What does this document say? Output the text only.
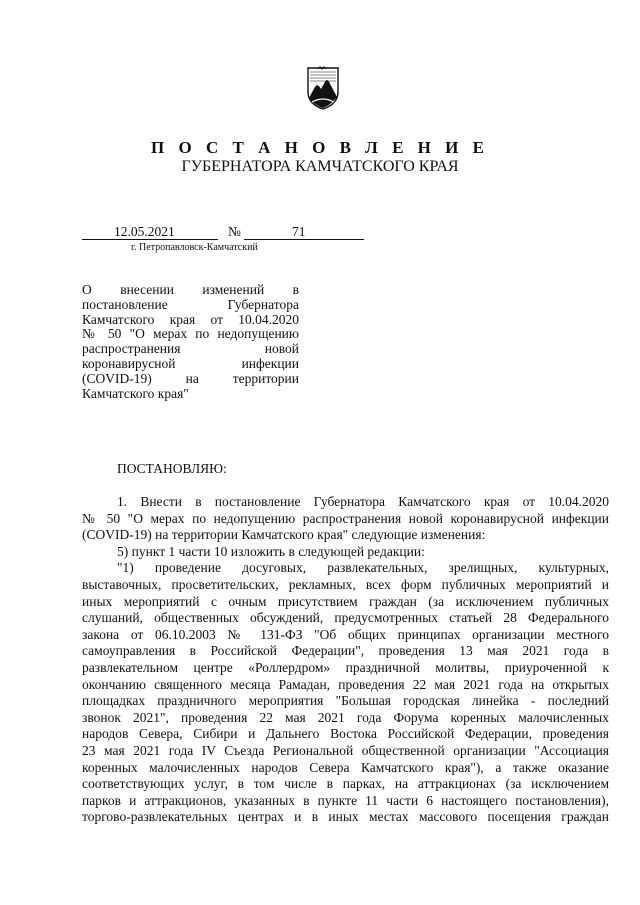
П О С Т А Н О В Л Е Н И Е
ГУБЕРНАТОРА КАМЧАТСКОГО КРАЯ
12.05.2021	№	71
г. Петропавловск-Камчатский
О внесении изменений в
постановление Губернатора
Камчатского края от 10.04.2020
№ 50 "О мерах по недопущению
распространения новой
коронавирусной инфекции
(COVID-19) на территории
Камчатского края"
ПОСТАНОВЛЯЮ:
1. Внести в постановление Губернатора Камчатского края от 10.04.2020
№ 50 "О мерах по недопущению распространения новой коронавирусной инфекции
(COVID-19) на территории Камчатского края" следующие изменения:
5) пункт 1 части 10 изложить в следующей редакции:
"1) проведение досуговых, развлекательных, зрелищных, культурных,
выставочных, просветительских, рекламных, всех форм публичных мероприятий и
иных мероприятий с очным присутствием граждан (за исключением публичных
слушаний, общественных обсуждений, предусмотренных статьей 28 Федерального
закона от 06.10.2003 № 131-ФЗ "Об общих принципах организации местного
самоуправления в Российской Федерации", проведения 13 мая 2021 года в
развлекательном центре «Роллердром» праздничной молитвы, приуроченной к
окончанию священного месяца Рамадан, проведения 22 мая 2021 года на открытых
площадках праздничного мероприятия "Большая городская линейка - последний
звонок 2021", проведения 22 мая 2021 года Форума коренных малочисленных
народов Севера, Сибири и Дальнего Востока Российской Федерации, проведения
23 мая 2021 года IV Съезда Региональной общественной организации "Ассоциация
коренных малочисленных народов Севера Камчатского края"), а также оказание
соответствующих услуг, в том числе в парках, на аттракционах (за исключением
парков и аттракционов, указанных в пункте 11 части 6 настоящего постановления),
торгово-развлекательных центрах и в иных местах массового посещения граждан
